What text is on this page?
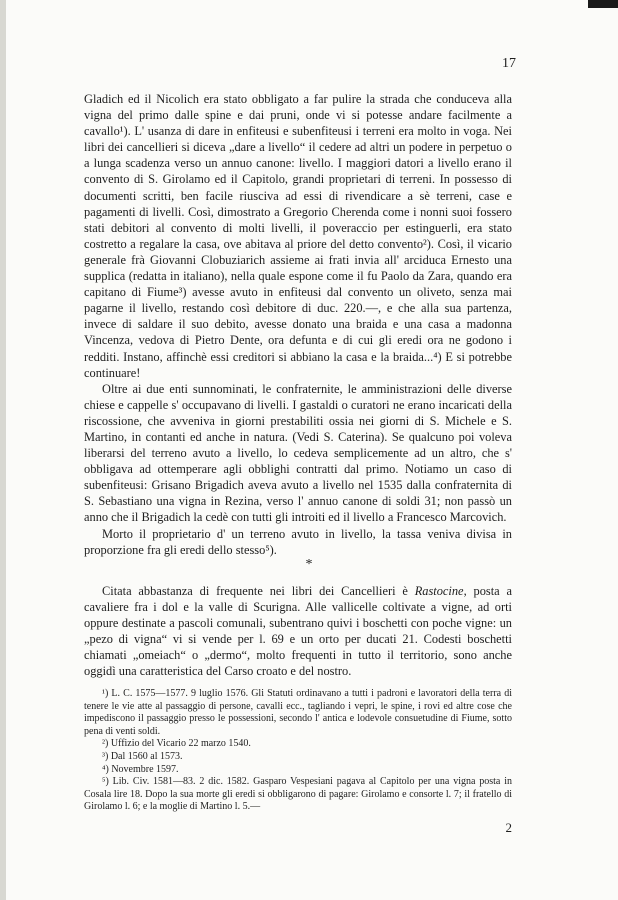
17

Gladich ed il Nicolich era stato obbligato a far pulire la strada che conduceva alla vigna del primo dalle spine e dai pruni, onde vi si potesse andare facilmente a cavallo¹). L' usanza di dare in enfiteusi e subenfiteusi i terreni era molto in voga. Nei libri dei cancellieri si diceva „dare a livello“ il cedere ad altri un podere in perpetuo o a lunga scadenza verso un annuo canone: livello. I maggiori datori a livello erano il convento di S. Girolamo ed il Capitolo, grandi proprietari di terreni. In possesso di documenti scritti, ben facile riusciva ad essi di rivendicare a sè terreni, case e pagamenti di livelli. Così, dimostrato a Gregorio Cherenda come i nonni suoi fossero stati debitori al convento di molti livelli, il poveraccio per estinguerli, era stato costretto a regalare la casa, ove abitava al priore del detto convento²). Così, il vicario generale frà Giovanni Clobuziarich assieme ai frati invia all' arciduca Ernesto una supplica (redatta in italiano), nella quale espone come il fu Paolo da Zara, quando era capitano di Fiume³) avesse avuto in enfiteusi dal convento un oliveto, senza mai pagarne il livello, restando così debitore di duc. 220.—, e che alla sua partenza, invece di saldare il suo debito, avesse donato una braida e una casa a madonna Vincenza, vedova di Pietro Dente, ora defunta e di cui gli eredi ora ne godono i redditi. Instano, affinchè essi creditori si abbiano la casa e la braida...⁴) E si potrebbe continuare!

Oltre ai due enti sunnominati, le confraternite, le amministrazioni delle diverse chiese e cappelle s' occupavano di livelli. I gastaldi o curatori ne erano incaricati della riscossione, che avveniva in giorni prestabiliti ossia nei giorni di S. Michele e S. Martino, in contanti ed anche in natura. (Vedi S. Caterina). Se qualcuno poi voleva liberarsi del terreno avuto a livello, lo cedeva semplicemente ad un altro, che s' obbligava ad ottemperare agli obblighi contratti dal primo. Notiamo un caso di subenfiteusi: Grisano Brigadich aveva avuto a livello nel 1535 dalla confraternita di S. Sebastiano una vigna in Rezina, verso l' annuo canone di soldi 31; non passò un anno che il Brigadich la cedè con tutti gli introiti ed il livello a Francesco Marcovich.

Morto il proprietario d' un terreno avuto in livello, la tassa veniva divisa in proporzione fra gli eredi dello stesso⁵).

*

Citata abbastanza di frequente nei libri dei Cancellieri è Rastocine, posta a cavaliere fra i dol e la valle di Scurigna. Alle vallicelle coltivate a vigne, ad orti oppure destinate a pascoli comunali, subentrano quivi i boschetti con poche vigne: un „pezo di vigna“ vi si vende per l. 69 e un orto per ducati 21. Codesti boschetti chiamati „omeiach“ o „dermo“, molto frequenti in tutto il territorio, sono anche oggidì una caratteristica del Carso croato e del nostro.

¹) L. C. 1575—1577. 9 luglio 1576. Gli Statuti ordinavano a tutti i padroni e lavoratori della terra di tenere le vie atte al passaggio di persone, cavalli ecc., tagliando i vepri, le spine, i rovi ed altre cose che impediscono il passaggio presso le possessioni, secondo l' antica e lodevole consuetudine di Fiume, sotto pena di venti soldi.

²) Uffizio del Vicario 22 marzo 1540.

³) Dal 1560 al 1573.

⁴) Novembre 1597.

⁵) Lib. Civ. 1581—83. 2 dic. 1582. Gasparo Vespesiani pagava al Capitolo per una vigna posta in Cosala lire 18. Dopo la sua morte gli eredi si obbligarono di pagare: Girolamo e consorte l. 7; il fratello di Girolamo l. 6; e la moglie di Martino l. 5.—

2
